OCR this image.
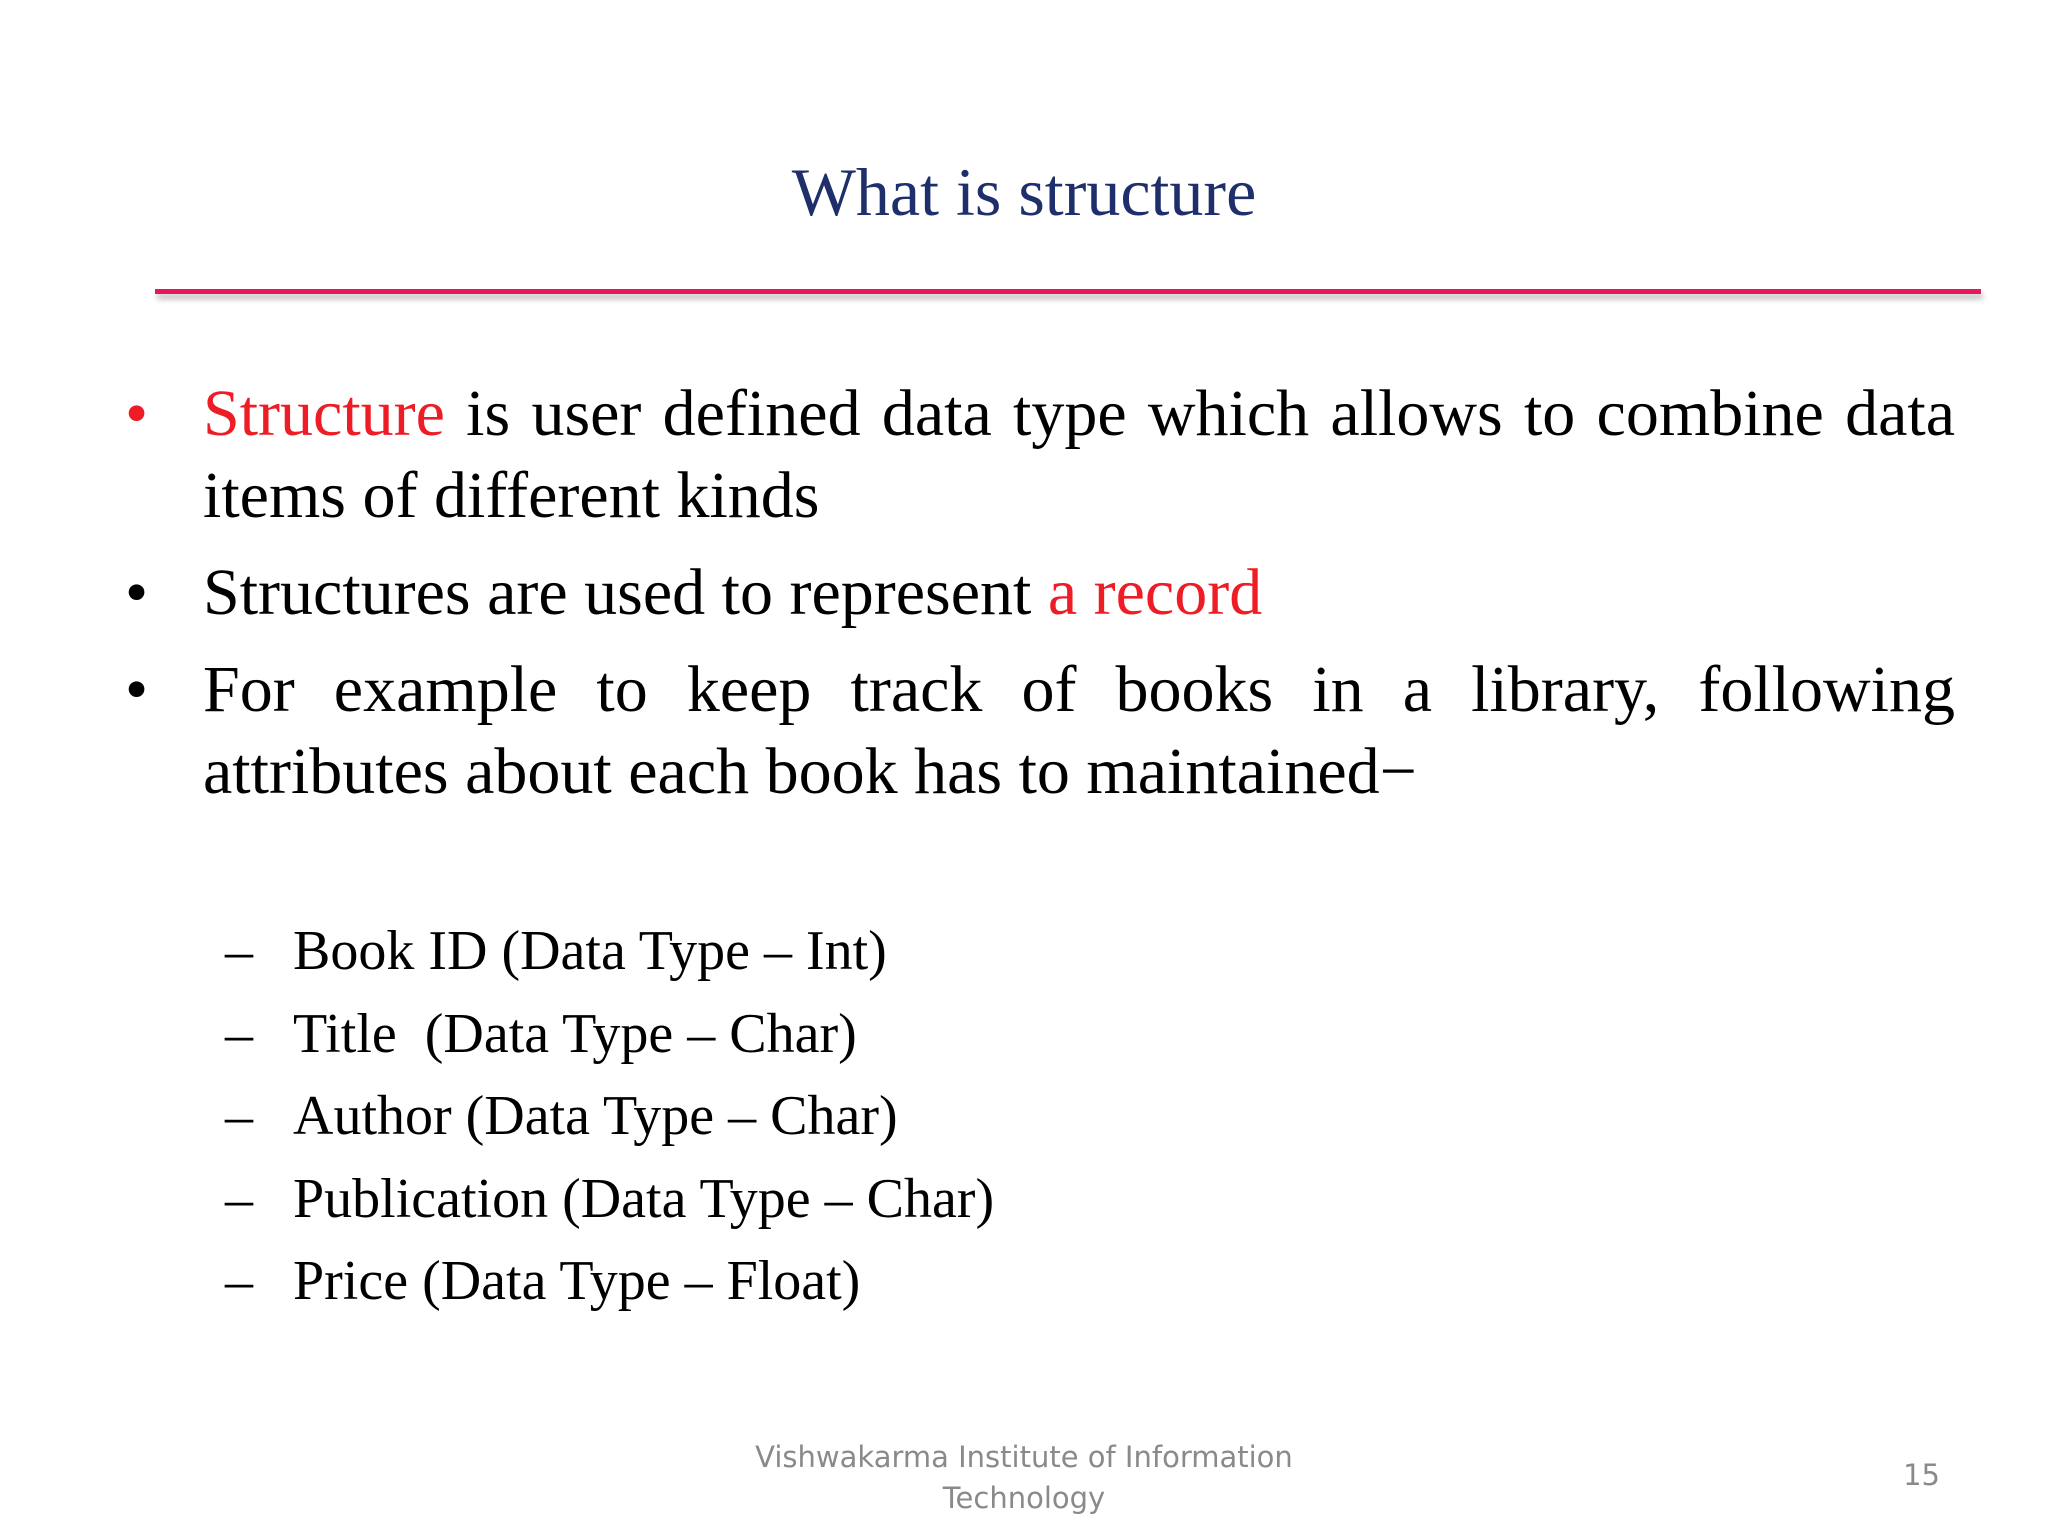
What is structure
• Structure is user defined data type which allows to combine data items of different kinds
• Structures are used to represent a record
• For example to keep track of books in a library, following attributes about each book has to maintained−
– Book ID (Data Type – Int)
– Title  (Data Type – Char)
– Author (Data Type – Char)
– Publication (Data Type – Char)
– Price (Data Type – Float)
Vishwakarma Institute of Information
Technology
15
